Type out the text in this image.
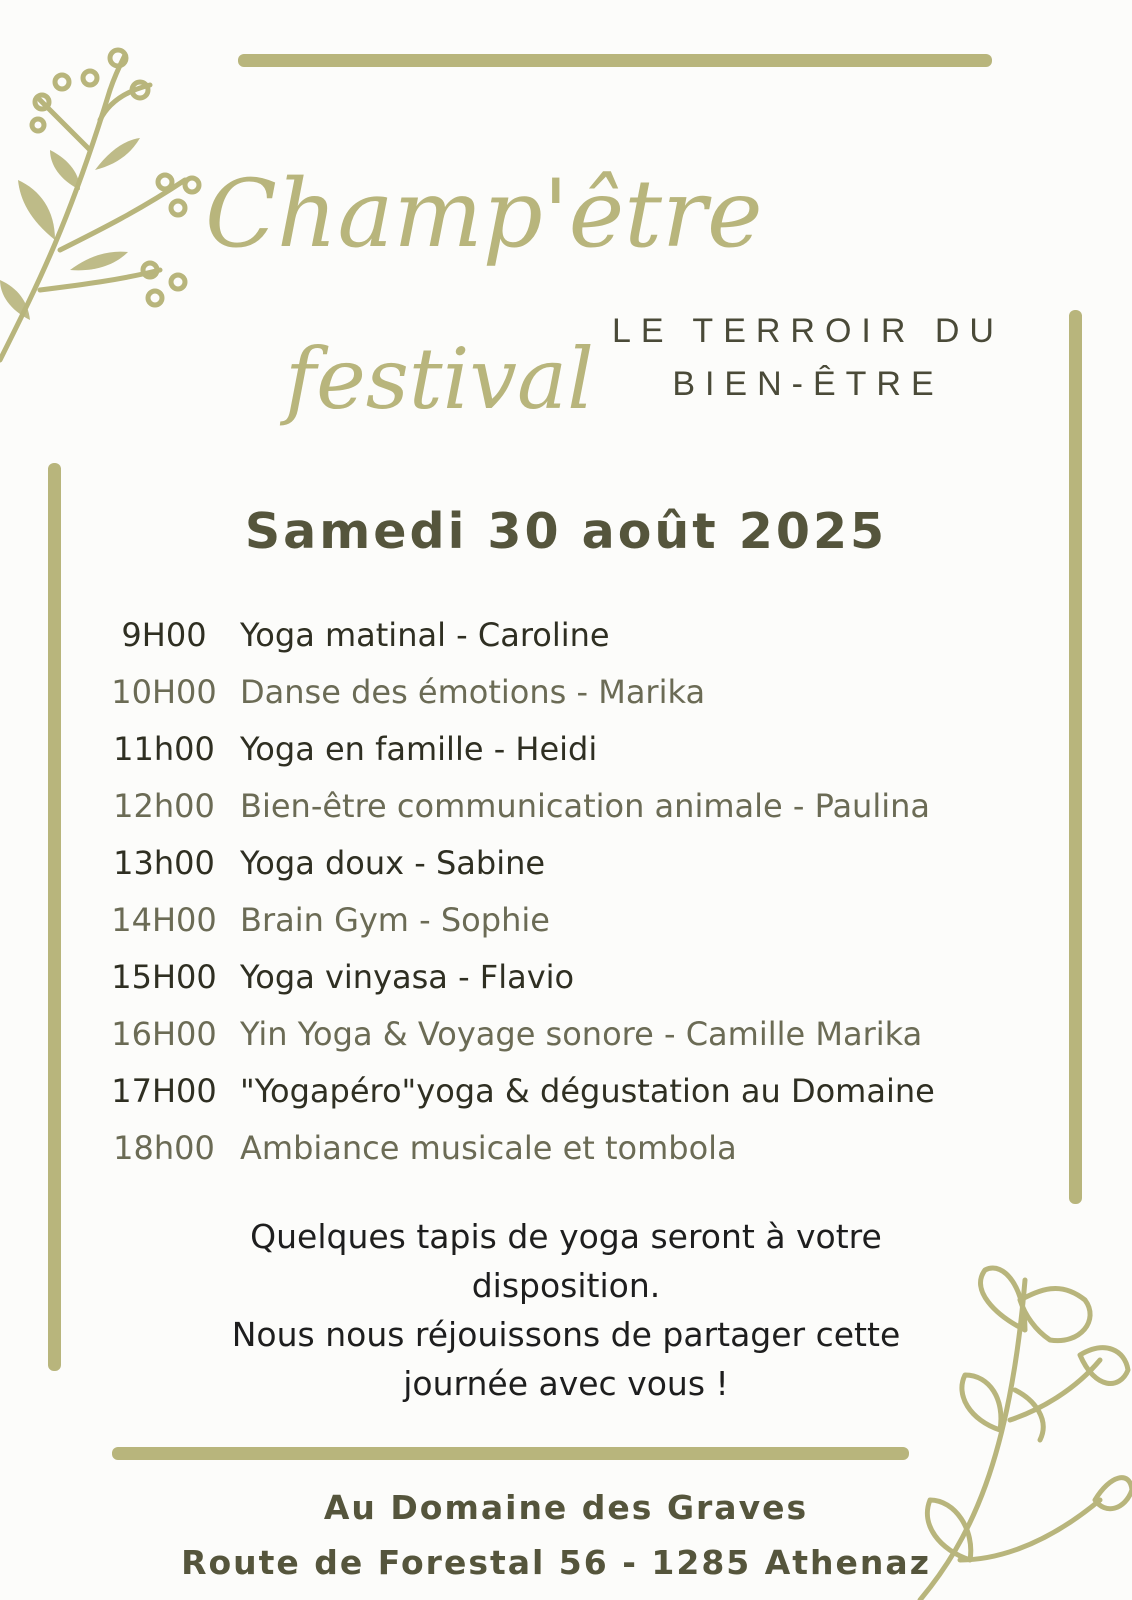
Champ'être
festival LE TERROIR DU
BIEN-ÊTRE
Samedi 30 août 2025
9H00	Yoga matinal - Caroline
10H00 Danse des émotions - Marika
11h00 Yoga en famille - Heidi
12h00 Bien-être communication animale - Paulina
13h00 Yoga doux - Sabine
14H00 Brain Gym - Sophie
15H00 Yoga vinyasa - Flavio
16H00 Yin Yoga & Voyage sonore - Camille Marika
17H00 "Yogapéro"yoga & dégustation au Domaine
18h00 Ambiance musicale et tombola
Quelques tapis de yoga seront à votre
disposition.
Nous nous réjouissons de partager cette
journée avec vous !
Au Domaine des Graves
Route de Forestal 56 - 1285 Athenaz
